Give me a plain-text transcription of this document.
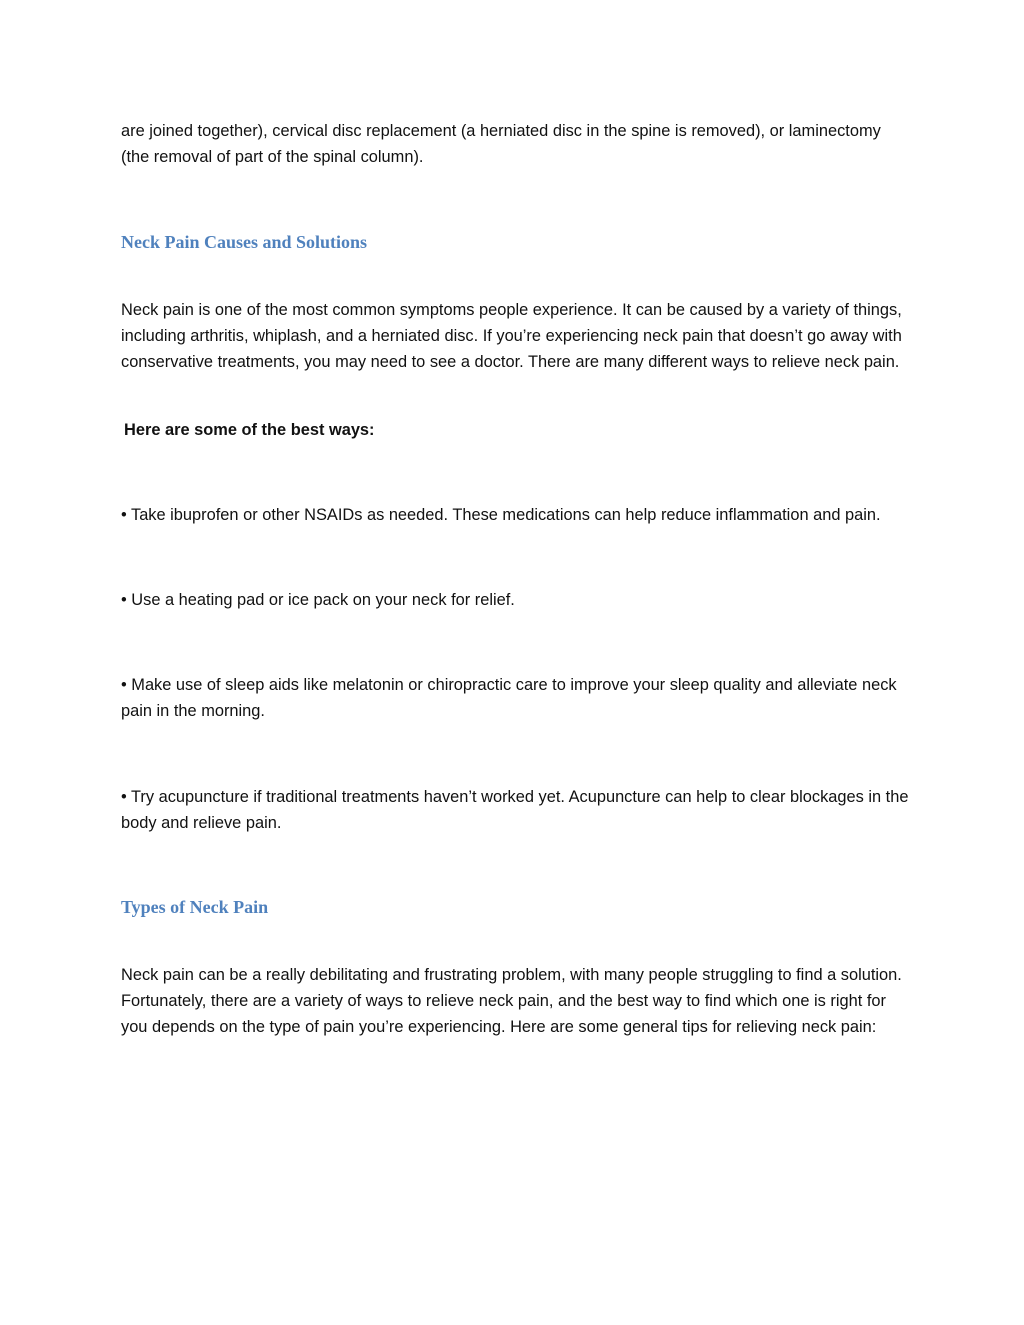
are joined together), cervical disc replacement (a herniated disc in the spine is removed), or laminectomy (the removal of part of the spinal column).

Neck Pain Causes and Solutions

Neck pain is one of the most common symptoms people experience. It can be caused by a variety of things, including arthritis, whiplash, and a herniated disc. If you’re experiencing neck pain that doesn’t go away with conservative treatments, you may need to see a doctor. There are many different ways to relieve neck pain.

Here are some of the best ways:

• Take ibuprofen or other NSAIDs as needed. These medications can help reduce inflammation and pain.

• Use a heating pad or ice pack on your neck for relief.

• Make use of sleep aids like melatonin or chiropractic care to improve your sleep quality and alleviate neck pain in the morning.

• Try acupuncture if traditional treatments haven’t worked yet. Acupuncture can help to clear blockages in the body and relieve pain.

Types of Neck Pain

Neck pain can be a really debilitating and frustrating problem, with many people struggling to find a solution. Fortunately, there are a variety of ways to relieve neck pain, and the best way to find which one is right for you depends on the type of pain you’re experiencing. Here are some general tips for relieving neck pain:
